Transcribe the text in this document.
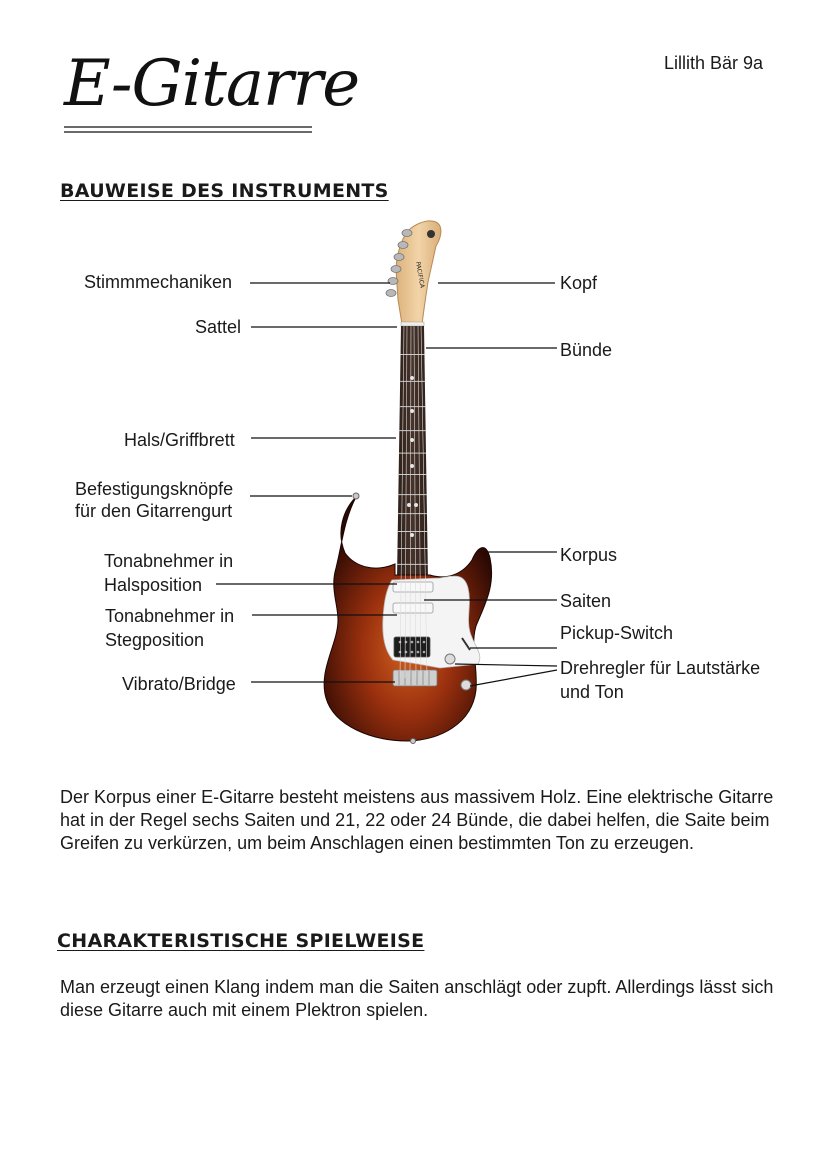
Lillith Bär 9a
E-Gitarre
BAUWEISE DES INSTRUMENTS
PACIFICA
Stimmmechaniken
Sattel
Hals/Griffbrett
Befestigungsknöpfe
für den Gitarrengurt
Tonabnehmer in
Halsposition
Tonabnehmer in
Stegposition
Vibrato/Bridge
Kopf
Bünde
Korpus
Saiten
Pickup-Switch
Drehregler für Lautstärke
und Ton
Der Korpus einer E-Gitarre besteht meistens aus massivem Holz. Eine elektrische Gitarre hat in der Regel sechs Saiten und 21, 22 oder 24 Bünde, die dabei helfen, die Saite beim Greifen zu verkürzen, um beim Anschlagen einen bestimmten Ton zu erzeugen.
CHARAKTERISTISCHE SPIELWEISE
Man erzeugt einen Klang indem man die Saiten anschlägt oder zupft. Allerdings lässt sich diese Gitarre auch mit einem Plektron spielen.
